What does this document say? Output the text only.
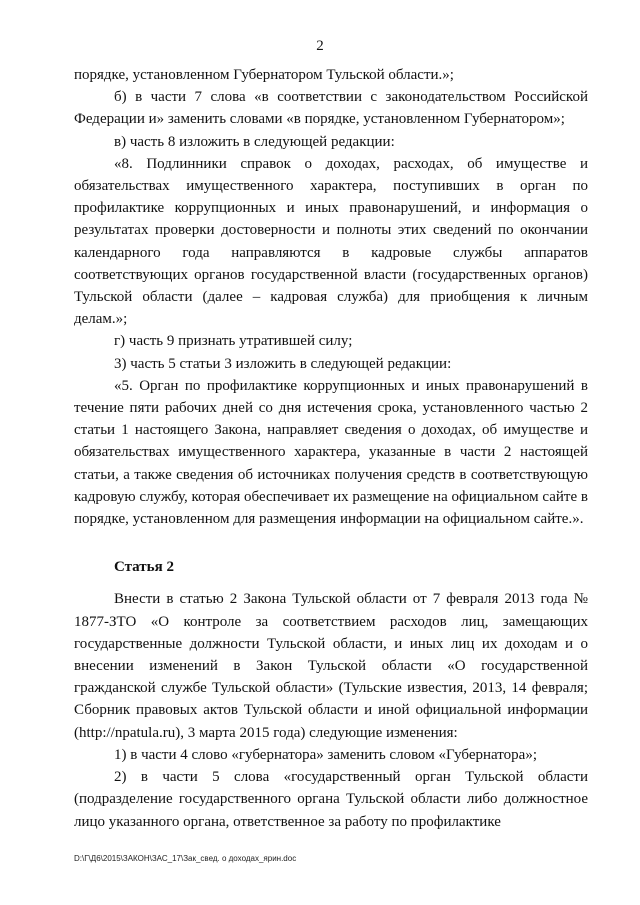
2

порядке, установленном Губернатором Тульской области.»;

б) в части 7 слова «в соответствии с законодательством Российской Федерации и» заменить словами «в порядке, установленном Губернатором»;

в) часть 8 изложить в следующей редакции:

«8. Подлинники справок о доходах, расходах, об имуществе и обязательствах имущественного характера, поступивших в орган по профилактике коррупционных и иных правонарушений, и информация о результатах проверки достоверности и полноты этих сведений по окончании календарного года направляются в кадровые службы аппаратов соответствующих органов государственной власти (государственных органов) Тульской области (далее – кадровая служба) для приобщения к личным делам.»;

г) часть 9 признать утратившей силу;

3) часть 5 статьи 3 изложить в следующей редакции:

«5. Орган по профилактике коррупционных и иных правонарушений в течение пяти рабочих дней со дня истечения срока, установленного частью 2 статьи 1 настоящего Закона, направляет сведения о доходах, об имуществе и обязательствах имущественного характера, указанные в части 2 настоящей статьи, а также сведения об источниках получения средств в соответствующую кадровую службу, которая обеспечивает их размещение на официальном сайте в порядке, установленном для размещения информации на официальном сайте.».

Статья 2

Внести в статью 2 Закона Тульской области от 7 февраля 2013 года № 1877-ЗТО «О контроле за соответствием расходов лиц, замещающих государственные должности Тульской области, и иных лиц их доходам и о внесении изменений в Закон Тульской области «О государственной гражданской службе Тульской области» (Тульские известия, 2013, 14 февраля; Сборник правовых актов Тульской области и иной официальной информации (http://npatula.ru), 3 марта 2015 года) следующие изменения:

1) в части 4 слово «губернатора» заменить словом «Губернатора»;

2) в части 5 слова «государственный орган Тульской области (подразделение государственного органа Тульской области либо должностное лицо указанного органа, ответственное за работу по профилактике

D:\Г\Д6\2015\ЗАКОН\ЗАС_17\Зак_свед. о доходах_ярин.doc
